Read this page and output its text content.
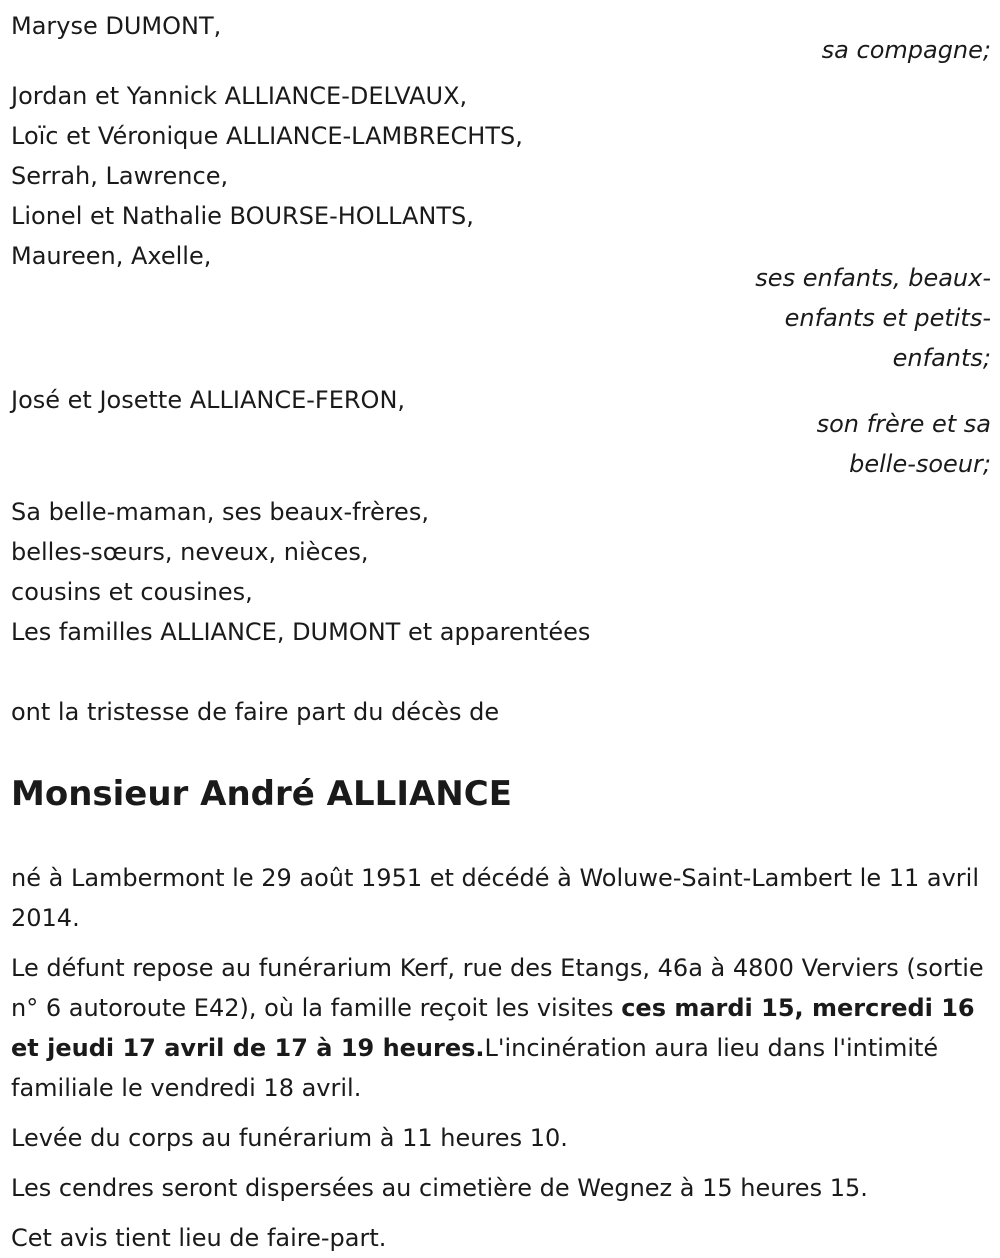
Maryse DUMONT,

sa compagne;

Jordan et Yannick ALLIANCE-DELVAUX,
Loïc et Véronique ALLIANCE-LAMBRECHTS,
Serrah, Lawrence,
Lionel et Nathalie BOURSE-HOLLANTS,
Maureen, Axelle,

ses enfants, beaux-
enfants et petits-
enfants;

José et Josette ALLIANCE-FERON,

son frère et sa
belle-soeur;

Sa belle-maman, ses beaux-frères,
belles-sœurs, neveux, nièces,
cousins et cousines,
Les familles ALLIANCE, DUMONT et apparentées
ont la tristesse de faire part du décès de
Monsieur André ALLIANCE

né à Lambermont le 29 août 1951 et décédé à Woluwe-Saint-Lambert le 11 avril 2014.

Le défunt repose au funérarium Kerf, rue des Etangs, 46a à 4800 Verviers (sortie n° 6 autoroute E42), où la famille reçoit les visites ces mardi 15, mercredi 16 et jeudi 17 avril de 17 à 19 heures.L'incinération aura lieu dans l'intimité familiale le vendredi 18 avril.

Levée du corps au funérarium à 11 heures 10.

Les cendres seront dispersées au cimetière de Wegnez à 15 heures 15.

Cet avis tient lieu de faire-part.
